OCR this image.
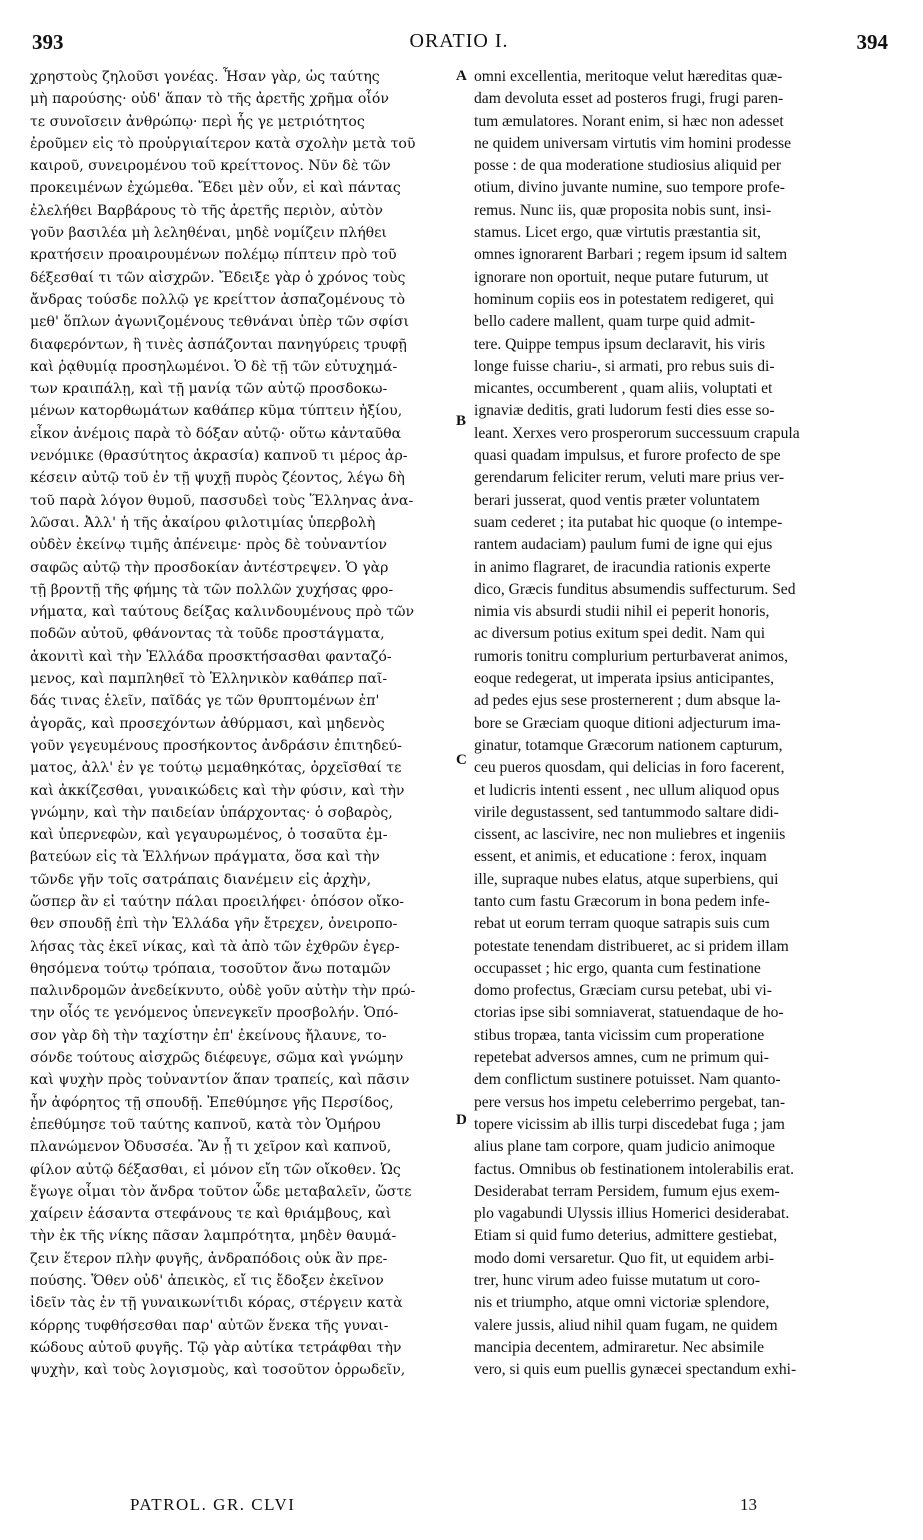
393	ORATIO I.	394
χρηστοὺς ζηλοῦσι γονέας. Ἦσαν γὰρ, ὡς ταύτης
μὴ παρούσης· οὐδ' ἅπαν τὸ τῆς ἀρετῆς χρῆμα οἷόν
τε συνοῖσειν ἀνθρώπῳ· περὶ ἧς γε μετριότητος
ἐροῦμεν εἰς τὸ προὐργιαίτερον κατὰ σχολὴν μετὰ τοῦ
καιροῦ, συνειρομένου τοῦ κρείττονος. Νῦν δὲ τῶν
προκειμένων ἐχώμεθα. Ἔδει μὲν οὖν, εἰ καὶ πάντας
ἐλελήθει Βαρβάρους τὸ τῆς ἀρετῆς περιὸν, αὐτὸν
γοῦν βασιλέα μὴ λεληθέναι, μηδὲ νομίζειν πλήθει
κρατήσειν προαιρουμένων πολέμῳ πίπτειν πρὸ τοῦ
δέξεσθαί τι τῶν αἰσχρῶν. Ἔδειξε γὰρ ὁ χρόνος τοὺς
ἄνδρας τούσδε πολλῷ γε κρείττον ἀσπαζομένους τὸ
μεθ' ὅπλων ἀγωνιζομένους τεθνάναι ὑπὲρ τῶν σφίσι
διαφερόντων, ἢ τινὲς ἀσπάζονται πανηγύρεις τρυφῇ
καὶ ῥᾳθυμίᾳ προσηλωμένοι. Ὁ δὲ τῇ τῶν εὐτυχημά-
των κραιπάλῃ, καὶ τῇ μανίᾳ τῶν αὐτῷ προσδοκω-
μένων κατορθωμάτων καθάπερ κῦμα τύπτειν ἠξίου,
εἶκον ἀνέμοις παρὰ τὸ δόξαν αὐτῷ· οὕτω κἀνταῦθα
νενόμικε (θρασύτητος ἀκρασία) καπνοῦ τι μέρος ἀρ-
κέσειν αὐτῷ τοῦ ἐν τῇ ψυχῇ πυρὸς ζέοντος, λέγω δὴ
τοῦ παρὰ λόγον θυμοῦ, πασσυδεὶ τοὺς Ἕλληνας ἀνα-
λῶσαι. Ἀλλ' ἡ τῆς ἀκαίρου φιλοτιμίας ὑπερβολὴ
οὐδὲν ἐκείνῳ τιμῆς ἀπένειμε· πρὸς δὲ τοὐναντίον
σαφῶς αὐτῷ τὴν προσδοκίαν ἀντέστρεψεν. Ὁ γὰρ
τῇ βροντῇ τῆς φήμης τὰ τῶν πολλῶν χυχήσας φρο-
νήματα, καὶ ταύτους δείξας καλινδουμένους πρὸ τῶν
ποδῶν αὐτοῦ, φθάνοντας τὰ τοῦδε προστάγματα,
ἀκονιτὶ καὶ τὴν Ἑλλάδα προσκτήσασθαι φανταζό-
μενος, καὶ παμπληθεῖ τὸ Ἑλληνικὸν καθάπερ παῖ-
δάς τινας ἑλεῖν, παῖδάς γε τῶν θρυπτομένων ἐπ'
ἀγορᾶς, καὶ προσεχόντων ἀθύρμασι, καὶ μηδενὸς
γοῦν γεγευμένους προσήκοντος ἀνδράσιν ἐπιτηδεύ-
ματος, ἀλλ' ἐν γε τούτῳ μεμαθηκότας, ὀρχεῖσθαί τε
καὶ ἀκκίζεσθαι, γυναικώδεις καὶ τὴν φύσιν, καὶ τὴν
γνώμην, καὶ τὴν παιδείαν ὑπάρχοντας· ὁ σοβαρὸς,
καὶ ὑπερνεφὼν, καὶ γεγαυρωμένος, ὁ τοσαῦτα ἐμ-
βατεύων εἰς τὰ Ἑλλήνων πράγματα, ὅσα καὶ τὴν
τῶνδε γῆν τοῖς σατράπαις διανέμειν εἰς ἀρχὴν,
ὥσπερ ἂν εἰ ταύτην πάλαι προειλήφει· ὁπόσον οἴκο-
θεν σπουδῇ ἐπὶ τὴν Ἑλλάδα γῆν ἔτρεχεν, ὀνειροπο-
λήσας τὰς ἐκεῖ νίκας, καὶ τὰ ἀπὸ τῶν ἐχθρῶν ἐγερ-
θησόμενα τούτῳ τρόπαια, τοσοῦτον ἄνω ποταμῶν
παλινδρομῶν ἀνεδείκνυτο, οὐδὲ γοῦν αὐτὴν τὴν πρώ-
την οἷός τε γενόμενος ὑπενεγκεῖν προσβολήν. Ὁπό-
σον γὰρ δὴ τὴν ταχίστην ἐπ' ἐκείνους ἤλαυνε, το-
σόνδε τούτους αἰσχρῶς διέφευγε, σῶμα καὶ γνώμην
καὶ ψυχὴν πρὸς τοὐναντίον ἅπαν τραπείς, καὶ πᾶσιν
ἦν ἀφόρητος τῇ σπουδῇ. Ἐπεθύμησε γῆς Περσίδος,
ἐπεθύμησε τοῦ ταύτης καπνοῦ, κατὰ τὸν Ὁμήρου
πλανώμενον Ὀδυσσέα. Ἂν ᾖ τι χεῖρον καὶ καπνοῦ,
φίλον αὐτῷ δέξασθαι, εἰ μόνον εἴη τῶν οἴκοθεν. Ὡς
ἔγωγε οἶμαι τὸν ἄνδρα τοῦτον ὧδε μεταβαλεῖν, ὥστε
χαίρειν ἐάσαντα στεφάνους τε καὶ θριάμβους, καὶ
τὴν ἐκ τῆς νίκης πᾶσαν λαμπρότητα, μηδὲν θαυμά-
ζειν ἕτερον πλὴν φυγῆς, ἀνδραπόδοις οὐκ ἂν πρε-
πούσης. Ὅθεν οὐδ' ἀπεικὸς, εἴ τις ἔδοξεν ἐκεῖνον
ἰδεῖν τὰς ἐν τῇ γυναικωνίτιδι κόρας, στέργειν κατὰ
κόρρης τυφθήσεσθαι παρ' αὐτῶν ἕνεκα τῆς γυναι-
κώδους αὐτοῦ φυγῆς. Τῷ γὰρ αὐτίκα τετράφθαι τὴν
ψυχὴν, καὶ τοὺς λογισμοὺς, καὶ τοσοῦτον ὀρρωδεῖν,
omni excellentia, meritoque velut hæreditas quæ-
dam devoluta esset ad posteros frugi, frugi paren-
tum æmulatores. Norant enim, si hæc non adesset
ne quidem universam virtutis vim homini prodesse
posse : de qua moderatione studiosius aliquid per
otium, divino juvante numine, suo tempore profe-
remus. Nunc iis, quæ proposita nobis sunt, insi-
stamus. Licet ergo, quæ virtutis præstantia sit,
omnes ignorarent Barbari ; regem ipsum id saltem
ignorare non oportuit, neque putare futurum, ut
hominum copiis eos in potestatem redigeret, qui
bello cadere mallent, quam turpe quid admit-
tere. Quippe tempus ipsum declaravit, his viris
longe fuisse chariu-, si armati, pro rebus suis di-
micantes, occumberent , quam aliis, voluptati et
ignaviæ deditis, grati ludorum festi dies esse so-
leant. Xerxes vero prosperorum successuum crapula
quasi quadam impulsus, et furore profecto de spe
gerendarum feliciter rerum, veluti mare prius ver-
berari jusserat, quod ventis præter voluntatem
suam cederet ; ita putabat hic quoque (o intempe-
rantem audaciam) paulum fumi de igne qui ejus
in animo flagraret, de iracundia rationis experte
dico, Græcis funditus absumendis suffecturum. Sed
nimia vis absurdi studii nihil ei peperit honoris,
ac diversum potius exitum spei dedit. Nam qui
rumoris tonitru complurium perturbaverat animos,
eoque redegerat, ut imperata ipsius anticipantes,
ad pedes ejus sese prosternerent ; dum absque la-
bore se Græciam quoque ditioni adjecturum ima-
ginatur, totamque Græcorum nationem capturum,
ceu pueros quosdam, qui delicias in foro facerent,
et ludicris intenti essent , nec ullum aliquod opus
virile degustassent, sed tantummodo saltare didi-
cissent, ac lascivire, nec non muliebres et ingeniis
essent, et animis, et educatione : ferox, inquam
ille, supraque nubes elatus, atque superbiens, qui
tanto cum fastu Græcorum in bona pedem infe-
rebat ut eorum terram quoque satrapis suis cum
potestate tenendam distribueret, ac si pridem illam
occupasset ; hic ergo, quanta cum festinatione
domo profectus, Græciam cursu petebat, ubi vi-
ctorias ipse sibi somniaverat, statuendaque de ho-
stibus tropæa, tanta vicissim cum properatione
repetebat adversos amnes, cum ne primum qui-
dem conflictum sustinere potuisset. Nam quanto-
pere versus hos impetu celeberrimo pergebat, tan-
topere vicissim ab illis turpi discedebat fuga ; jam
alius plane tam corpore, quam judicio animoque
factus. Omnibus ob festinationem intolerabilis erat.
Desiderabat terram Persidem, fumum ejus exem-
plo vagabundi Ulyssis illius Homerici desiderabat.
Etiam si quid fumo deterius, admittere gestiebat,
modo domi versaretur. Quo fit, ut equidem arbi-
trer, hunc virum adeo fuisse mutatum ut coro-
nis et triumpho, atque omni victoriæ splendore,
valere jussis, aliud nihil quam fugam, ne quidem
mancipia decentem, admiraretur. Nec absimile
vero, si quis eum puellis gynæcei spectandum exhi-
A
B
C
D
PATROL. GR. CLVI	13
